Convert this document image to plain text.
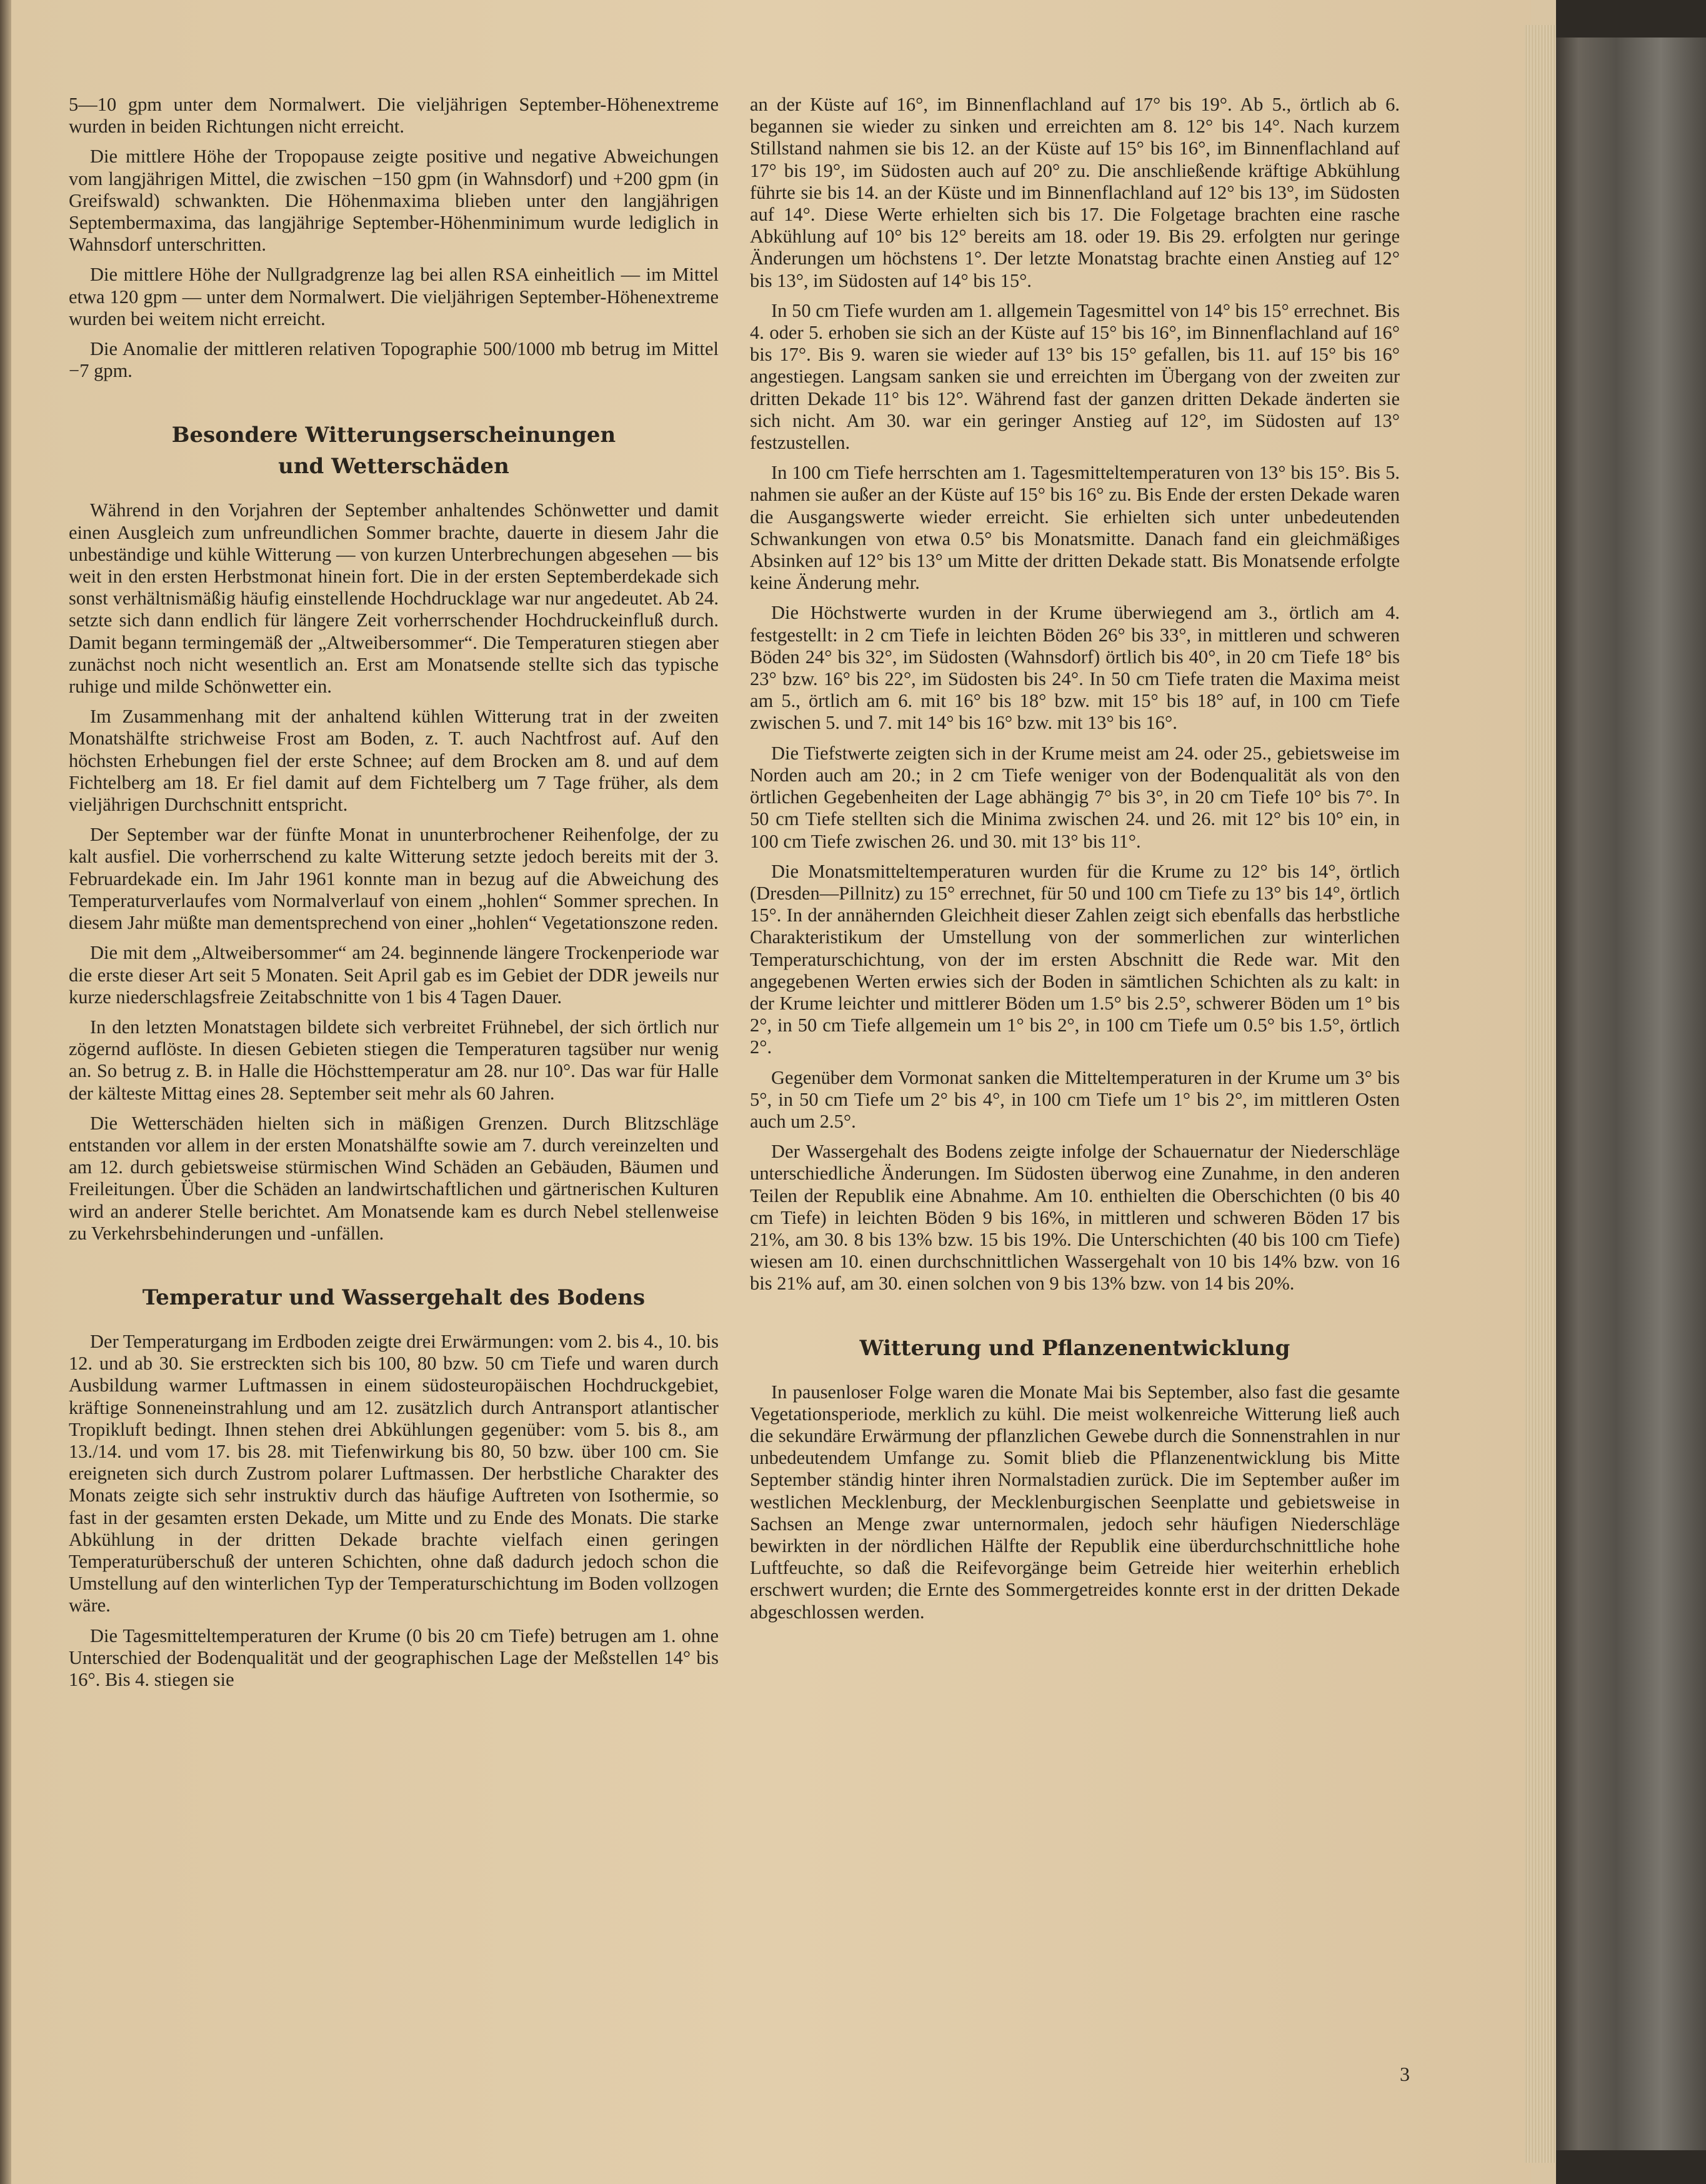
5—10 gpm unter dem Normalwert. Die vieljährigen September-Höhenextreme wurden in beiden Richtungen nicht erreicht.

Die mittlere Höhe der Tropopause zeigte positive und negative Abweichungen vom langjährigen Mittel, die zwischen −150 gpm (in Wahnsdorf) und +200 gpm (in Greifswald) schwankten. Die Höhenmaxima blieben unter den langjährigen Septembermaxima, das langjährige September-Höhenminimum wurde lediglich in Wahnsdorf unterschritten.

Die mittlere Höhe der Nullgradgrenze lag bei allen RSA einheitlich — im Mittel etwa 120 gpm — unter dem Normalwert. Die vieljährigen September-Höhenextreme wurden bei weitem nicht erreicht.

Die Anomalie der mittleren relativen Topographie 500/1000 mb betrug im Mittel −7 gpm.

Besondere Witterungserscheinungen
und Wetterschäden

Während in den Vorjahren der September anhaltendes Schönwetter und damit einen Ausgleich zum unfreundlichen Sommer brachte, dauerte in diesem Jahr die unbeständige und kühle Witterung — von kurzen Unterbrechungen abgesehen — bis weit in den ersten Herbstmonat hinein fort. Die in der ersten Septemberdekade sich sonst verhältnismäßig häufig einstellende Hochdrucklage war nur angedeutet. Ab 24. setzte sich dann endlich für längere Zeit vorherrschender Hochdruckeinfluß durch. Damit begann termingemäß der „Altweibersommer“. Die Temperaturen stiegen aber zunächst noch nicht wesentlich an. Erst am Monatsende stellte sich das typische ruhige und milde Schönwetter ein.

Im Zusammenhang mit der anhaltend kühlen Witterung trat in der zweiten Monatshälfte strichweise Frost am Boden, z. T. auch Nachtfrost auf. Auf den höchsten Erhebungen fiel der erste Schnee; auf dem Brocken am 8. und auf dem Fichtelberg am 18. Er fiel damit auf dem Fichtelberg um 7 Tage früher, als dem vieljährigen Durchschnitt entspricht.

Der September war der fünfte Monat in ununterbrochener Reihenfolge, der zu kalt ausfiel. Die vorherrschend zu kalte Witterung setzte jedoch bereits mit der 3. Februardekade ein. Im Jahr 1961 konnte man in bezug auf die Abweichung des Temperaturverlaufes vom Normalverlauf von einem „hohlen“ Sommer sprechen. In diesem Jahr müßte man dementsprechend von einer „hohlen“ Vegetationszone reden.

Die mit dem „Altweibersommer“ am 24. beginnende längere Trockenperiode war die erste dieser Art seit 5 Monaten. Seit April gab es im Gebiet der DDR jeweils nur kurze niederschlagsfreie Zeitabschnitte von 1 bis 4 Tagen Dauer.

In den letzten Monatstagen bildete sich verbreitet Frühnebel, der sich örtlich nur zögernd auflöste. In diesen Gebieten stiegen die Temperaturen tagsüber nur wenig an. So betrug z. B. in Halle die Höchsttemperatur am 28. nur 10°. Das war für Halle der kälteste Mittag eines 28. September seit mehr als 60 Jahren.

Die Wetterschäden hielten sich in mäßigen Grenzen. Durch Blitzschläge entstanden vor allem in der ersten Monatshälfte sowie am 7. durch vereinzelten und am 12. durch gebietsweise stürmischen Wind Schäden an Gebäuden, Bäumen und Freileitungen. Über die Schäden an landwirtschaftlichen und gärtnerischen Kulturen wird an anderer Stelle berichtet. Am Monatsende kam es durch Nebel stellenweise zu Verkehrsbehinderungen und -unfällen.

Temperatur und Wassergehalt des Bodens

Der Temperaturgang im Erdboden zeigte drei Erwärmungen: vom 2. bis 4., 10. bis 12. und ab 30. Sie erstreckten sich bis 100, 80 bzw. 50 cm Tiefe und waren durch Ausbildung warmer Luftmassen in einem südosteuropäischen Hochdruckgebiet, kräftige Sonneneinstrahlung und am 12. zusätzlich durch Antransport atlantischer Tropikluft bedingt. Ihnen stehen drei Abkühlungen gegenüber: vom 5. bis 8., am 13./14. und vom 17. bis 28. mit Tiefenwirkung bis 80, 50 bzw. über 100 cm. Sie ereigneten sich durch Zustrom polarer Luftmassen. Der herbstliche Charakter des Monats zeigte sich sehr instruktiv durch das häufige Auftreten von Isothermie, so fast in der gesamten ersten Dekade, um Mitte und zu Ende des Monats. Die starke Abkühlung in der dritten Dekade brachte vielfach einen geringen Temperaturüberschuß der unteren Schichten, ohne daß dadurch jedoch schon die Umstellung auf den winterlichen Typ der Temperaturschichtung im Boden vollzogen wäre.

Die Tagesmitteltemperaturen der Krume (0 bis 20 cm Tiefe) betrugen am 1. ohne Unterschied der Bodenqualität und der geographischen Lage der Meßstellen 14° bis 16°. Bis 4. stiegen sie

an der Küste auf 16°, im Binnenflachland auf 17° bis 19°. Ab 5., örtlich ab 6. begannen sie wieder zu sinken und erreichten am 8. 12° bis 14°. Nach kurzem Stillstand nahmen sie bis 12. an der Küste auf 15° bis 16°, im Binnenflachland auf 17° bis 19°, im Südosten auch auf 20° zu. Die anschließende kräftige Abkühlung führte sie bis 14. an der Küste und im Binnenflachland auf 12° bis 13°, im Südosten auf 14°. Diese Werte erhielten sich bis 17. Die Folgetage brachten eine rasche Abkühlung auf 10° bis 12° bereits am 18. oder 19. Bis 29. erfolgten nur geringe Änderungen um höchstens 1°. Der letzte Monatstag brachte einen Anstieg auf 12° bis 13°, im Südosten auf 14° bis 15°.

In 50 cm Tiefe wurden am 1. allgemein Tagesmittel von 14° bis 15° errechnet. Bis 4. oder 5. erhoben sie sich an der Küste auf 15° bis 16°, im Binnenflachland auf 16° bis 17°. Bis 9. waren sie wieder auf 13° bis 15° gefallen, bis 11. auf 15° bis 16° angestiegen. Langsam sanken sie und erreichten im Übergang von der zweiten zur dritten Dekade 11° bis 12°. Während fast der ganzen dritten Dekade änderten sie sich nicht. Am 30. war ein geringer Anstieg auf 12°, im Südosten auf 13° festzustellen.

In 100 cm Tiefe herrschten am 1. Tagesmitteltemperaturen von 13° bis 15°. Bis 5. nahmen sie außer an der Küste auf 15° bis 16° zu. Bis Ende der ersten Dekade waren die Ausgangswerte wieder erreicht. Sie erhielten sich unter unbedeutenden Schwankungen von etwa 0.5° bis Monatsmitte. Danach fand ein gleichmäßiges Absinken auf 12° bis 13° um Mitte der dritten Dekade statt. Bis Monatsende erfolgte keine Änderung mehr.

Die Höchstwerte wurden in der Krume überwiegend am 3., örtlich am 4. festgestellt: in 2 cm Tiefe in leichten Böden 26° bis 33°, in mittleren und schweren Böden 24° bis 32°, im Südosten (Wahnsdorf) örtlich bis 40°, in 20 cm Tiefe 18° bis 23° bzw. 16° bis 22°, im Südosten bis 24°. In 50 cm Tiefe traten die Maxima meist am 5., örtlich am 6. mit 16° bis 18° bzw. mit 15° bis 18° auf, in 100 cm Tiefe zwischen 5. und 7. mit 14° bis 16° bzw. mit 13° bis 16°.

Die Tiefstwerte zeigten sich in der Krume meist am 24. oder 25., gebietsweise im Norden auch am 20.; in 2 cm Tiefe weniger von der Bodenqualität als von den örtlichen Gegebenheiten der Lage abhängig 7° bis 3°, in 20 cm Tiefe 10° bis 7°. In 50 cm Tiefe stellten sich die Minima zwischen 24. und 26. mit 12° bis 10° ein, in 100 cm Tiefe zwischen 26. und 30. mit 13° bis 11°.

Die Monatsmitteltemperaturen wurden für die Krume zu 12° bis 14°, örtlich (Dresden—Pillnitz) zu 15° errechnet, für 50 und 100 cm Tiefe zu 13° bis 14°, örtlich 15°. In der annähernden Gleichheit dieser Zahlen zeigt sich ebenfalls das herbstliche Charakteristikum der Umstellung von der sommerlichen zur winterlichen Temperaturschichtung, von der im ersten Abschnitt die Rede war. Mit den angegebenen Werten erwies sich der Boden in sämtlichen Schichten als zu kalt: in der Krume leichter und mittlerer Böden um 1.5° bis 2.5°, schwerer Böden um 1° bis 2°, in 50 cm Tiefe allgemein um 1° bis 2°, in 100 cm Tiefe um 0.5° bis 1.5°, örtlich 2°.

Gegenüber dem Vormonat sanken die Mitteltemperaturen in der Krume um 3° bis 5°, in 50 cm Tiefe um 2° bis 4°, in 100 cm Tiefe um 1° bis 2°, im mittleren Osten auch um 2.5°.

Der Wassergehalt des Bodens zeigte infolge der Schauernatur der Niederschläge unterschiedliche Änderungen. Im Südosten überwog eine Zunahme, in den anderen Teilen der Republik eine Abnahme. Am 10. enthielten die Oberschichten (0 bis 40 cm Tiefe) in leichten Böden 9 bis 16%, in mittleren und schweren Böden 17 bis 21%, am 30. 8 bis 13% bzw. 15 bis 19%. Die Unterschichten (40 bis 100 cm Tiefe) wiesen am 10. einen durchschnittlichen Wassergehalt von 10 bis 14% bzw. von 16 bis 21% auf, am 30. einen solchen von 9 bis 13% bzw. von 14 bis 20%.

Witterung und Pflanzenentwicklung

In pausenloser Folge waren die Monate Mai bis September, also fast die gesamte Vegetationsperiode, merklich zu kühl. Die meist wolkenreiche Witterung ließ auch die sekundäre Erwärmung der pflanzlichen Gewebe durch die Sonnenstrahlen in nur unbedeutendem Umfange zu. Somit blieb die Pflanzenentwicklung bis Mitte September ständig hinter ihren Normalstadien zurück. Die im September außer im westlichen Mecklenburg, der Mecklenburgischen Seenplatte und gebietsweise in Sachsen an Menge zwar unternormalen, jedoch sehr häufigen Niederschläge bewirkten in der nördlichen Hälfte der Republik eine überdurchschnittliche hohe Luftfeuchte, so daß die Reifevorgänge beim Getreide hier weiterhin erheblich erschwert wurden; die Ernte des Sommergetreides konnte erst in der dritten Dekade abgeschlossen werden.

3
